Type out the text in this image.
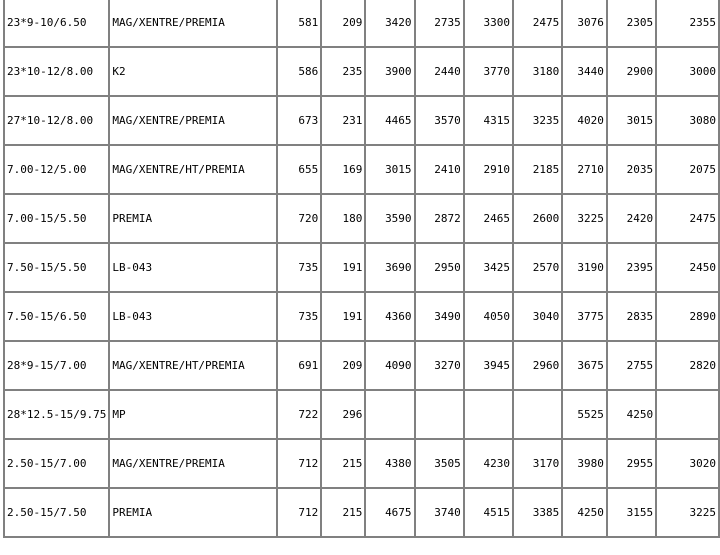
23*9-10/6.50	MAG/XENTRE/PREMIA	581	209	3420	2735	3300	2475	3076	2305	2355
23*10-12/8.00	K2	586	235	3900	2440	3770	3180	3440	2900	3000
27*10-12/8.00	MAG/XENTRE/PREMIA	673	231	4465	3570	4315	3235	4020	3015	3080
7.00-12/5.00	MAG/XENTRE/HT/PREMIA	655	169	3015	2410	2910	2185	2710	2035	2075
7.00-15/5.50	PREMIA	720	180	3590	2872	2465	2600	3225	2420	2475
7.50-15/5.50	LB-043	735	191	3690	2950	3425	2570	3190	2395	2450
7.50-15/6.50	LB-043	735	191	4360	3490	4050	3040	3775	2835	2890
28*9-15/7.00	MAG/XENTRE/HT/PREMIA	691	209	4090	3270	3945	2960	3675	2755	2820
28*12.5-15/9.75	MP	722	296					5525	4250	
2.50-15/7.00	MAG/XENTRE/PREMIA	712	215	4380	3505	4230	3170	3980	2955	3020
2.50-15/7.50	PREMIA	712	215	4675	3740	4515	3385	4250	3155	3225
